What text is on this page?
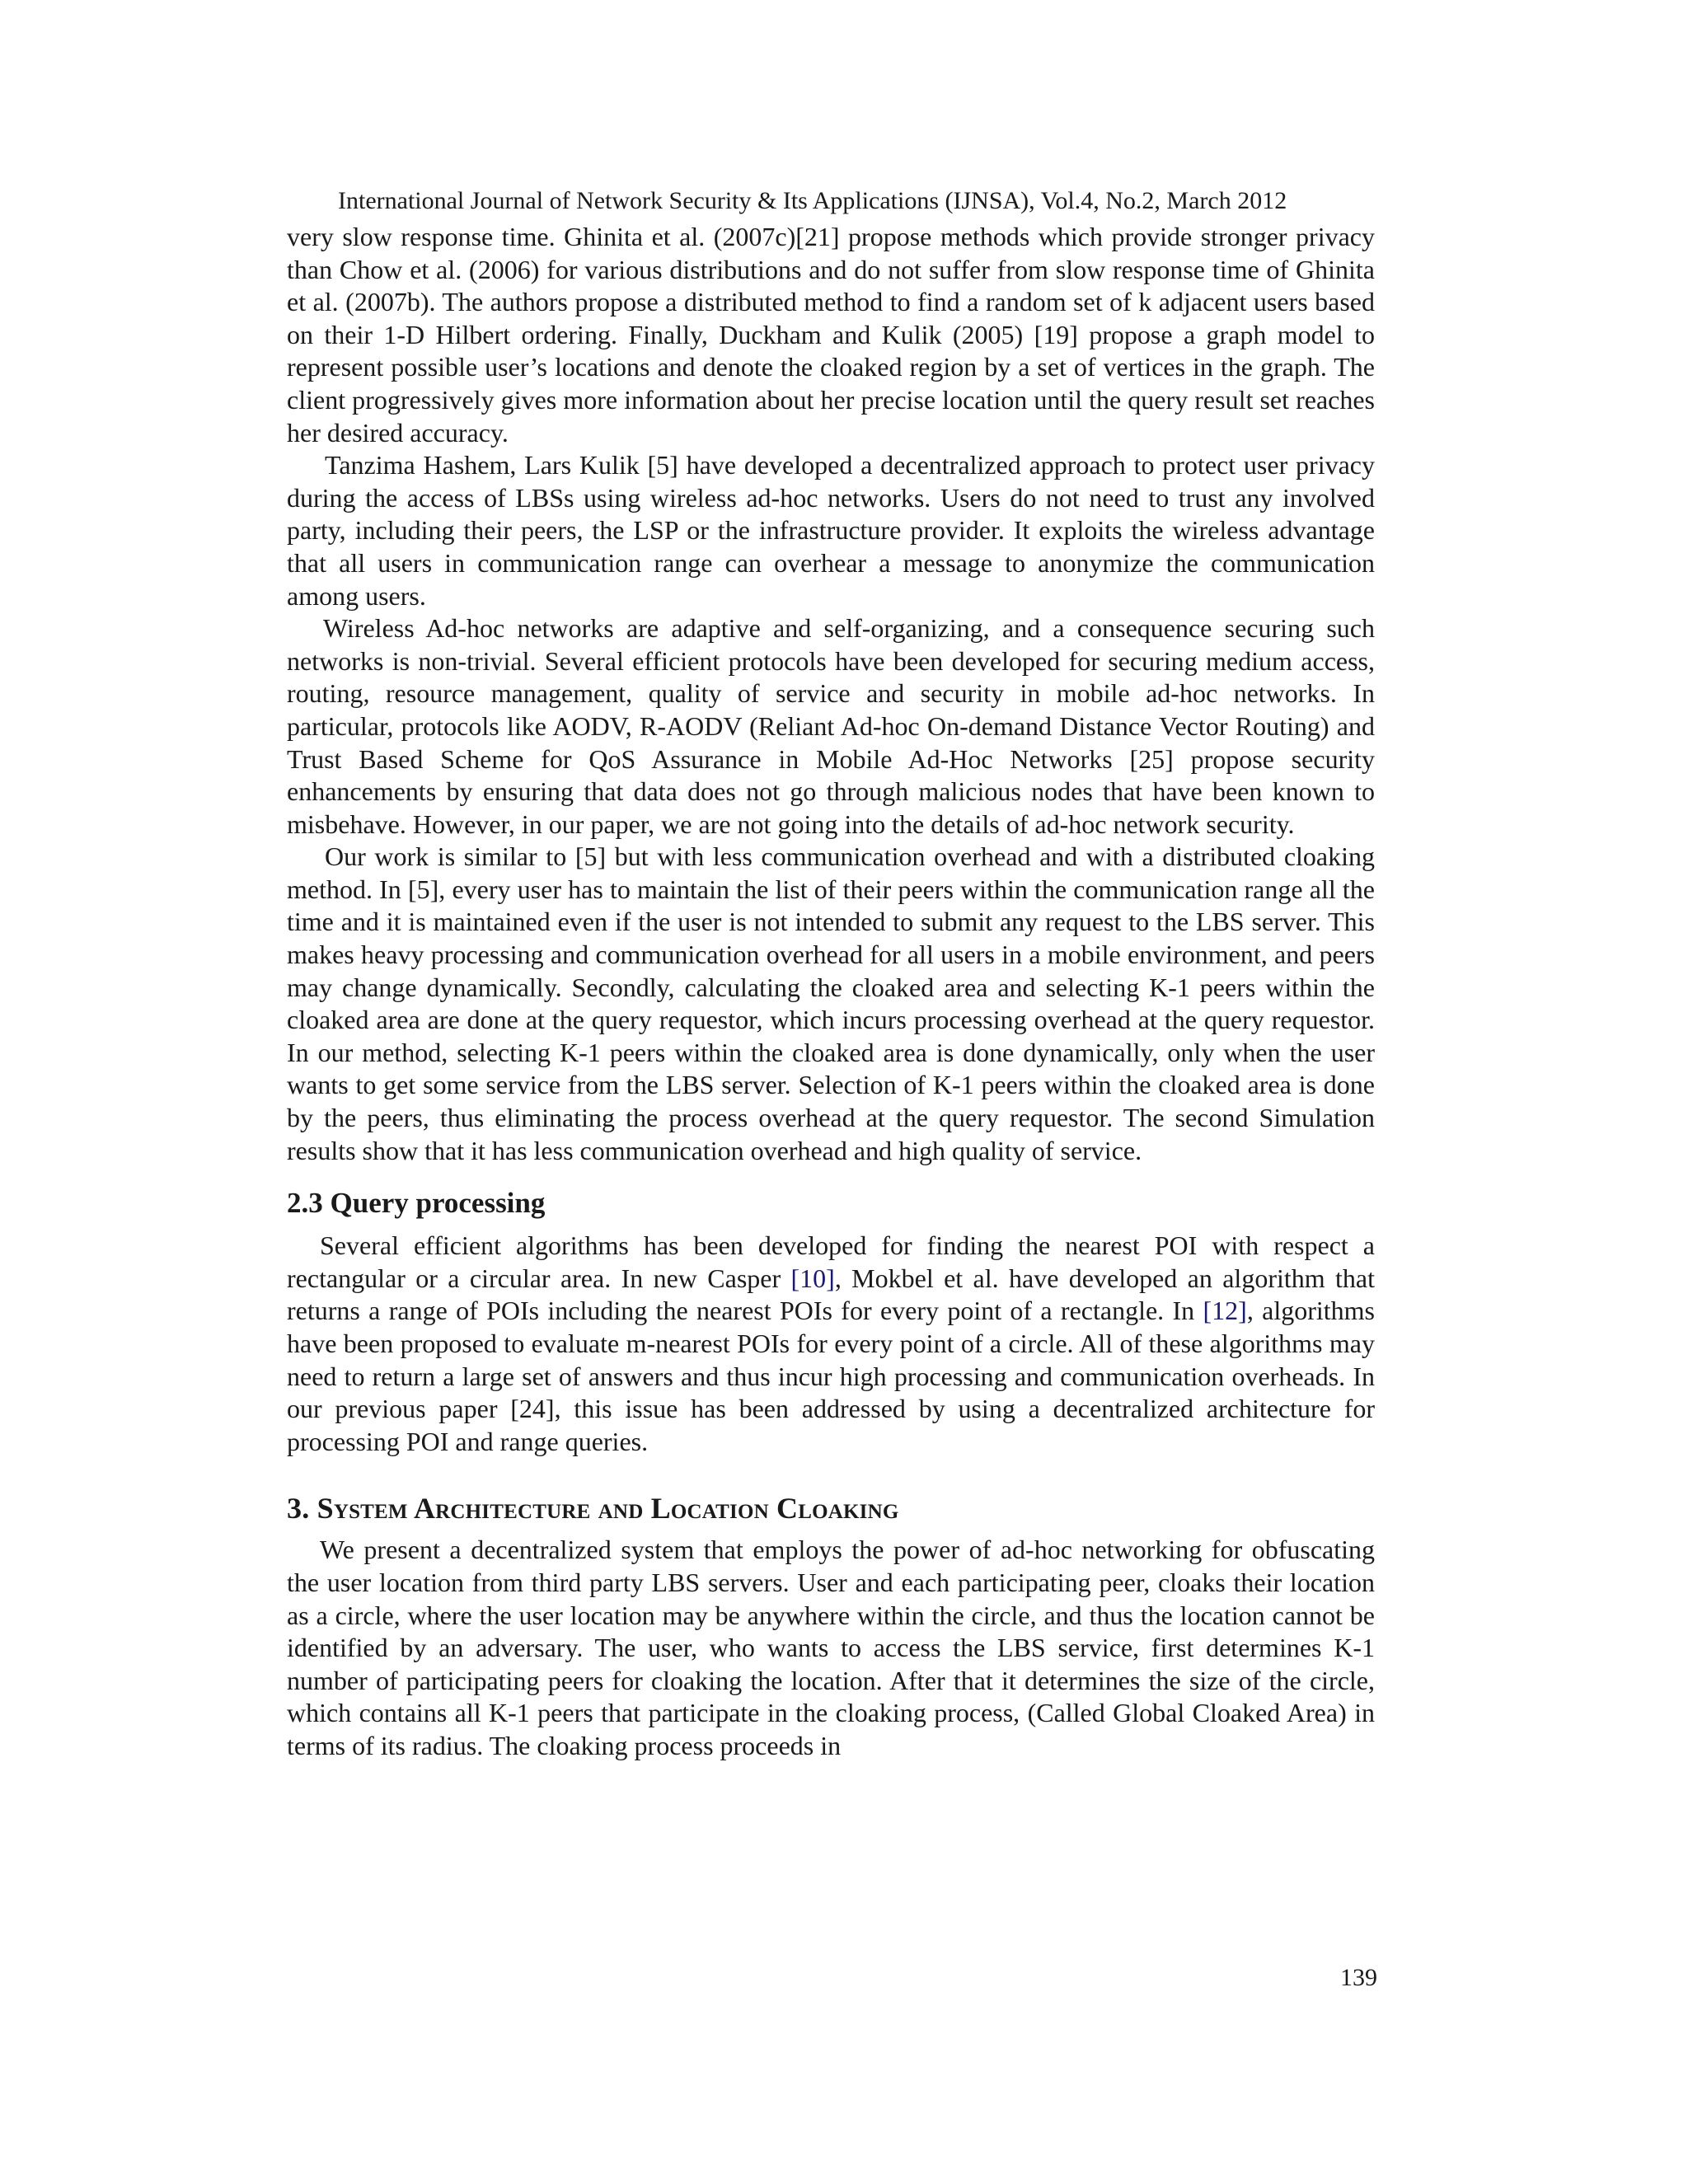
International Journal of Network Security & Its Applications (IJNSA), Vol.4, No.2, March 2012

very slow response time. Ghinita et al. (2007c)[21] propose methods which provide stronger privacy than Chow et al. (2006) for various distributions and do not suffer from slow response time of Ghinita et al. (2007b). The authors propose a distributed method to find a random set of k adjacent users based on their 1-D Hilbert ordering. Finally, Duckham and Kulik (2005) [19] propose a graph model to represent possible user’s locations and denote the cloaked region by a set of vertices in the graph. The client progressively gives more information about her precise location until the query result set reaches her desired accuracy.

Tanzima Hashem, Lars Kulik [5] have developed a decentralized approach to protect user privacy during the access of LBSs using wireless ad-hoc networks. Users do not need to trust any involved party, including their peers, the LSP or the infrastructure provider. It exploits the wireless advantage that all users in communication range can overhear a message to anonymize the communication among users.

Wireless Ad-hoc networks are adaptive and self-organizing, and a consequence securing such networks is non-trivial. Several efficient protocols have been developed for securing medium access, routing, resource management, quality of service and security in mobile ad-hoc networks. In particular, protocols like AODV, R-AODV (Reliant Ad-hoc On-demand Distance Vector Routing) and Trust Based Scheme for QoS Assurance in Mobile Ad-Hoc Networks [25] propose security enhancements by ensuring that data does not go through malicious nodes that have been known to misbehave. However, in our paper, we are not going into the details of ad-hoc network security.

Our work is similar to [5] but with less communication overhead and with a distributed cloaking method. In [5], every user has to maintain the list of their peers within the communication range all the time and it is maintained even if the user is not intended to submit any request to the LBS server. This makes heavy processing and communication overhead for all users in a mobile environment, and peers may change dynamically. Secondly, calculating the cloaked area and selecting K-1 peers within the cloaked area are done at the query requestor, which incurs processing overhead at the query requestor. In our method, selecting K-1 peers within the cloaked area is done dynamically, only when the user wants to get some service from the LBS server. Selection of K-1 peers within the cloaked area is done by the peers, thus eliminating the process overhead at the query requestor. The second Simulation results show that it has less communication overhead and high quality of service.

2.3 Query processing

Several efficient algorithms has been developed for finding the nearest POI with respect a rectangular or a circular area. In new Casper [10], Mokbel et al. have developed an algorithm that returns a range of POIs including the nearest POIs for every point of a rectangle. In [12], algorithms have been proposed to evaluate m-nearest POIs for every point of a circle. All of these algorithms may need to return a large set of answers and thus incur high processing and communication overheads. In our previous paper [24], this issue has been addressed by using a decentralized architecture for processing POI and range queries.

3. System Architecture and Location Cloaking

We present a decentralized system that employs the power of ad-hoc networking for obfuscating the user location from third party LBS servers. User and each participating peer, cloaks their location as a circle, where the user location may be anywhere within the circle, and thus the location cannot be identified by an adversary. The user, who wants to access the LBS service, first determines K-1 number of participating peers for cloaking the location. After that it determines the size of the circle, which contains all K-1 peers that participate in the cloaking process, (Called Global Cloaked Area) in terms of its radius. The cloaking process proceeds in

139
